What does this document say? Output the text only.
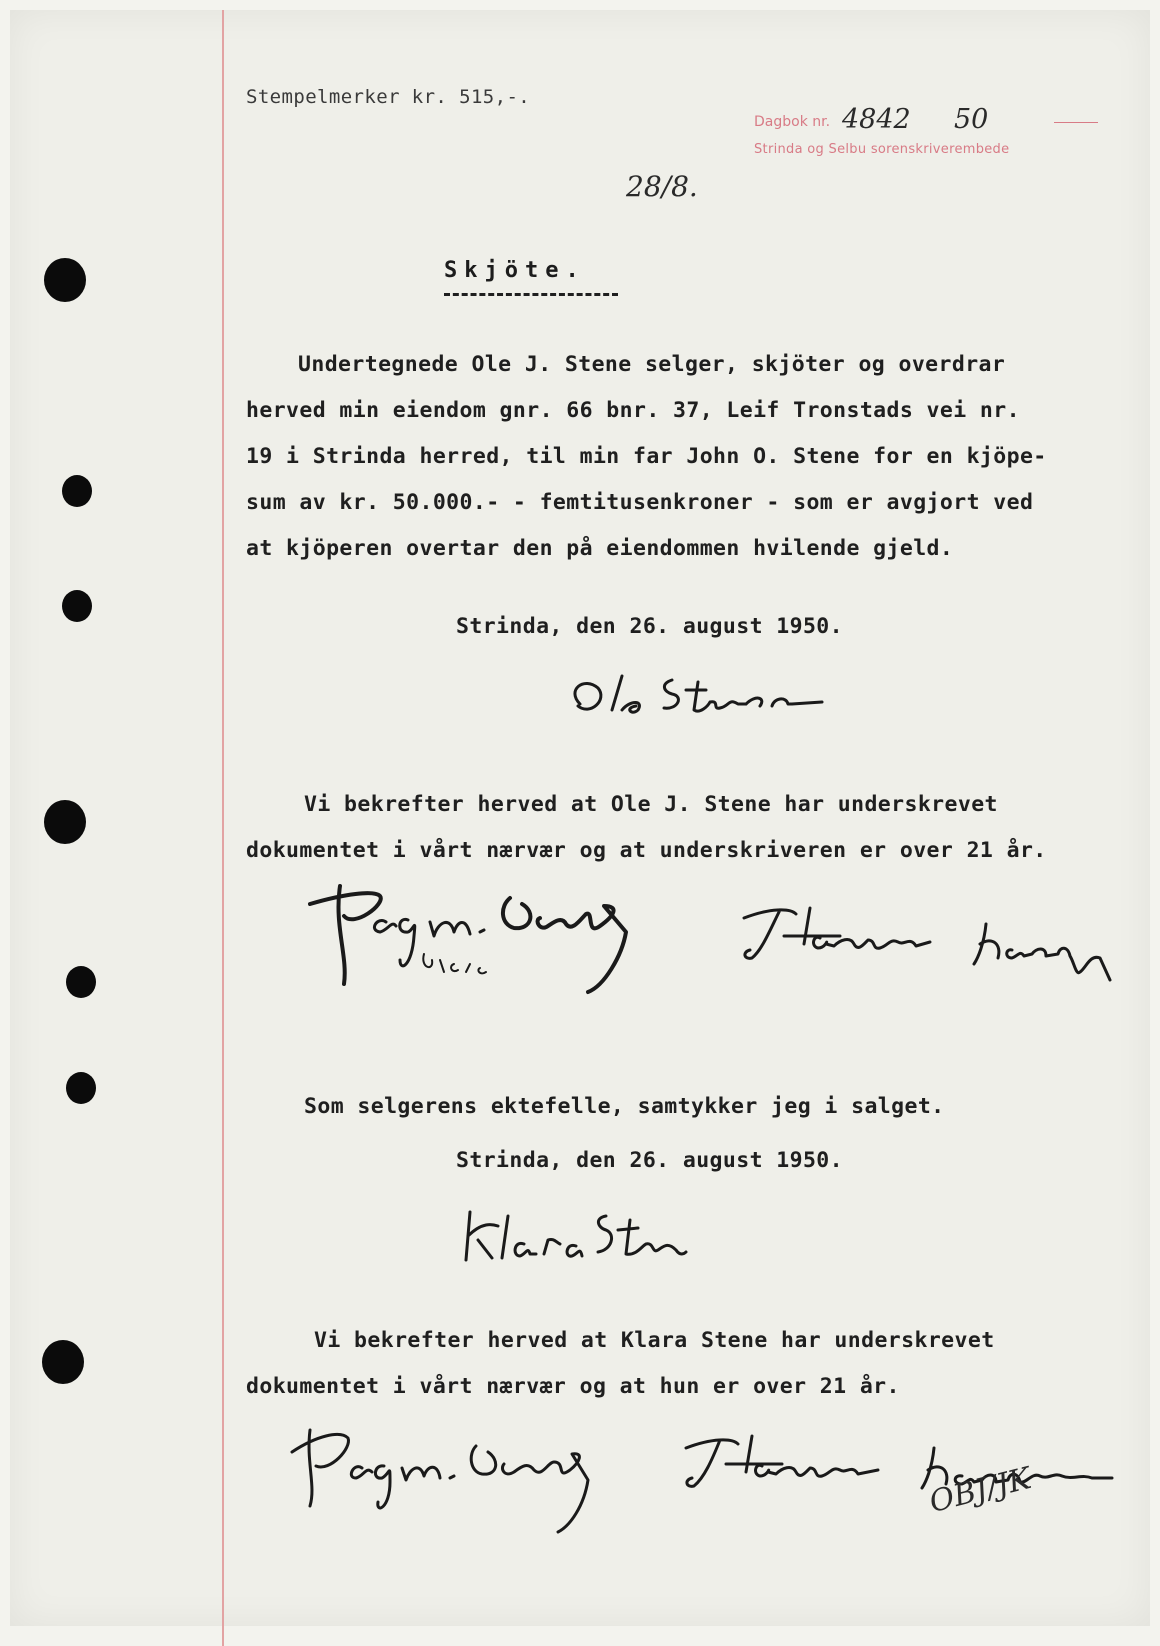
Stempelmerker kr. 515,-.
Dagbok nr. 4842 50
Strinda og Selbu sorenskriverembede
28/8.
Skjöte.
Undertegnede Ole J. Stene selger, skjöter og overdrar
herved min eiendom gnr. 66 bnr. 37, Leif Tronstads vei nr.
19 i Strinda herred, til min far John O. Stene for en kjöpe-
sum av kr. 50.000.- - femtitusenkroner - som er avgjort ved
at kjöperen overtar den på eiendommen hvilende gjeld.
Strinda, den 26. august 1950.
Vi bekrefter herved at Ole J. Stene har underskrevet
dokumentet i vårt nærvær og at underskriveren er over 21 år.
Som selgerens ektefelle, samtykker jeg i salget.
Strinda, den 26. august 1950.
Vi bekrefter herved at Klara Stene har underskrevet
dokumentet i vårt nærvær og at hun er over 21 år.
OBJ/JK
